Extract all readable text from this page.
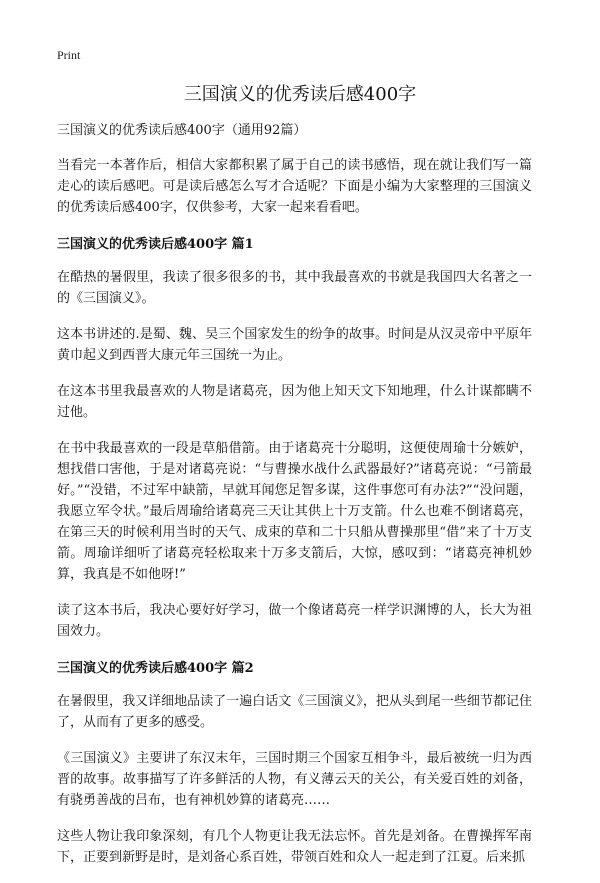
Print
三国演义的优秀读后感400字
三国演义的优秀读后感400字（通用92篇）

当看完一本著作后，相信大家都积累了属于自己的读书感悟，现在就让我们写一篇走心的读后感吧。可是读后感怎么写才合适呢？下面是小编为大家整理的三国演义的优秀读后感400字，仅供参考，大家一起来看看吧。

三国演义的优秀读后感400字 篇1

在酷热的暑假里，我读了很多很多的书，其中我最喜欢的书就是我国四大名著之一的《三国演义》。

这本书讲述的.是蜀、魏、吴三个国家发生的纷争的故事。时间是从汉灵帝中平原年黄巾起义到西晋大康元年三国统一为止。

在这本书里我最喜欢的人物是诸葛亮，因为他上知天文下知地理，什么计谋都瞒不过他。

在书中我最喜欢的一段是草船借箭。由于诸葛亮十分聪明，这便使周瑜十分嫉妒，想找借口害他，于是对诸葛亮说：“与曹操水战什么武器最好?”诸葛亮说：“弓箭最好。”“没错，不过军中缺箭，早就耳闻您足智多谋，这件事您可有办法?”“没问题，我愿立军令状。”最后周瑜给诸葛亮三天让其供上十万支箭。什么也难不倒诸葛亮，在第三天的时候利用当时的天气、成束的草和二十只船从曹操那里“借”来了十万支箭。周瑜详细听了诸葛亮轻松取来十万多支箭后，大惊，感叹到：“诸葛亮神机妙算，我真是不如他呀!”

读了这本书后，我决心要好好学习，做一个像诸葛亮一样学识渊博的人，长大为祖国效力。

三国演义的优秀读后感400字 篇2

在暑假里，我又详细地品读了一遍白话文《三国演义》，把从头到尾一些细节都记住了，从而有了更多的感受。

《三国演义》主要讲了东汉末年，三国时期三个国家互相争斗，最后被统一归为西晋的故事。故事描写了许多鲜活的人物，有义薄云天的关公，有关爱百姓的刘备，有骁勇善战的吕布，也有神机妙算的诸葛亮……

这些人物让我印象深刻，有几个人物更让我无法忘怀。首先是刘备。在曹操挥军南下，正要到新野是时，是刘备心系百姓，带领百姓和众人一起走到了江夏。后来抓
